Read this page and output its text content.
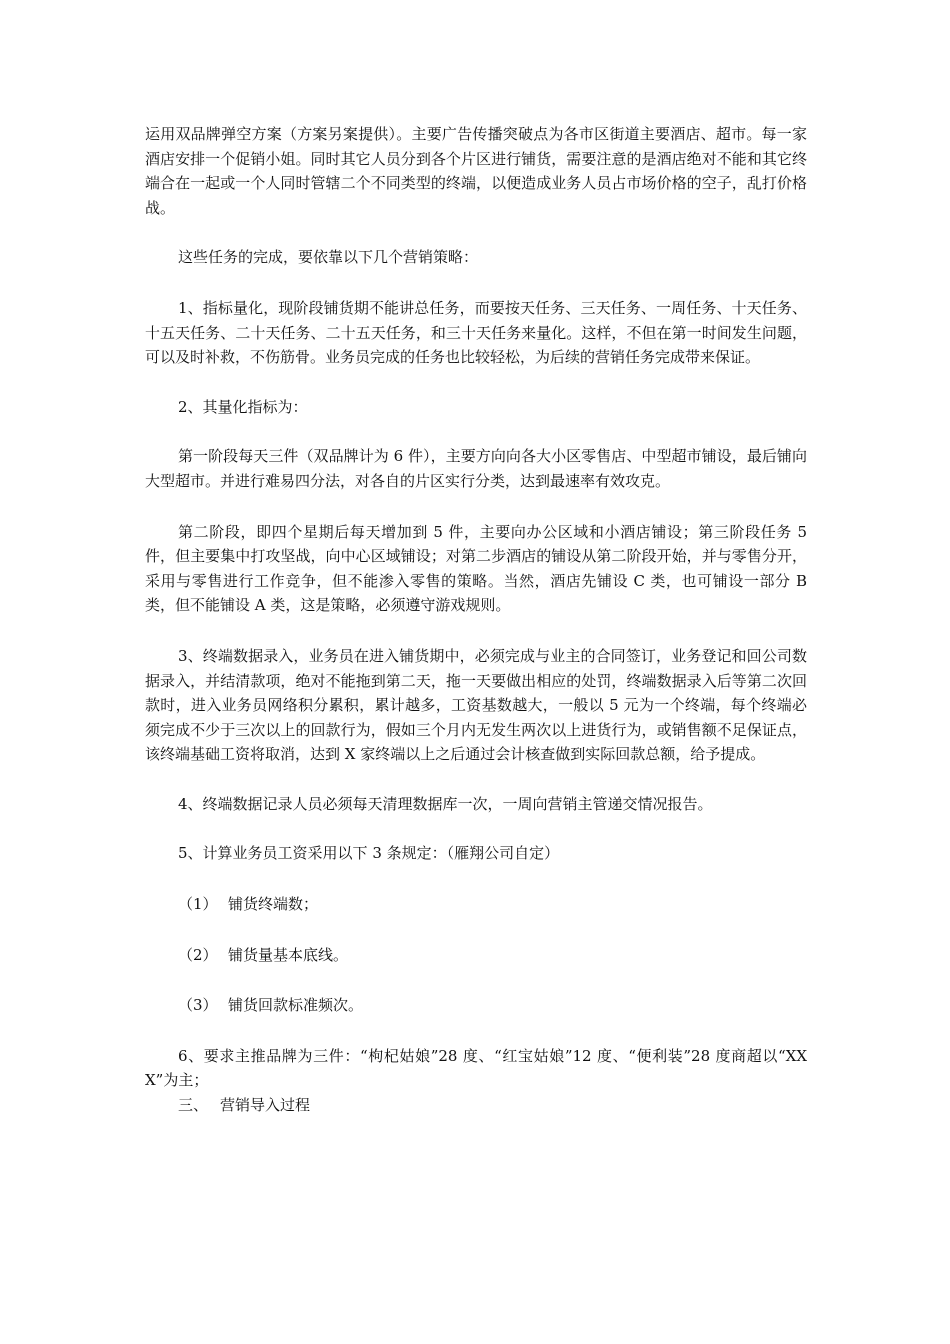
运用双品牌弹空方案（方案另案提供）。主要广告传播突破点为各市区街道主要酒店、超市。每一家酒店安排一个促销小姐。同时其它人员分到各个片区进行铺货，需要注意的是酒店绝对不能和其它终端合在一起或一个人同时管辖二个不同类型的终端，以便造成业务人员占市场价格的空子，乱打价格战。

这些任务的完成，要依靠以下几个营销策略：

1、指标量化，现阶段铺货期不能讲总任务，而要按天任务、三天任务、一周任务、十天任务、十五天任务、二十天任务、二十五天任务，和三十天任务来量化。这样，不但在第一时间发生问题，可以及时补救，不伤筋骨。业务员完成的任务也比较轻松，为后续的营销任务完成带来保证。

2、其量化指标为：

第一阶段每天三件（双品牌计为 6 件），主要方向向各大小区零售店、中型超市铺设，最后铺向大型超市。并进行难易四分法，对各自的片区实行分类，达到最速率有效攻克。

第二阶段，即四个星期后每天增加到 5 件，主要向办公区域和小酒店铺设；第三阶段任务 5 件，但主要集中打攻坚战，向中心区域铺设；对第二步酒店的铺设从第二阶段开始，并与零售分开，采用与零售进行工作竞争，但不能渗入零售的策略。当然，酒店先铺设 C 类，也可铺设一部分 B 类，但不能铺设 A 类，这是策略，必须遵守游戏规则。

3、终端数据录入，业务员在进入铺货期中，必须完成与业主的合同签订，业务登记和回公司数据录入，并结清款项，绝对不能拖到第二天，拖一天要做出相应的处罚，终端数据录入后等第二次回款时，进入业务员网络积分累积，累计越多，工资基数越大，一般以 5 元为一个终端，每个终端必须完成不少于三次以上的回款行为，假如三个月内无发生两次以上进货行为，或销售额不足保证点，该终端基础工资将取消，达到 X 家终端以上之后通过会计核查做到实际回款总额，给予提成。

4、终端数据记录人员必须每天清理数据库一次，一周向营销主管递交情况报告。

5、计算业务员工资采用以下 3 条规定：（雁翔公司自定）

（1） 铺货终端数；

（2） 铺货量基本底线。

（3） 铺货回款标准频次。

6、要求主推品牌为三件：“枸杞姑娘”28 度、“红宝姑娘”12 度、“便利装”28 度商超以“XXX”为主；

三、 营销导入过程
